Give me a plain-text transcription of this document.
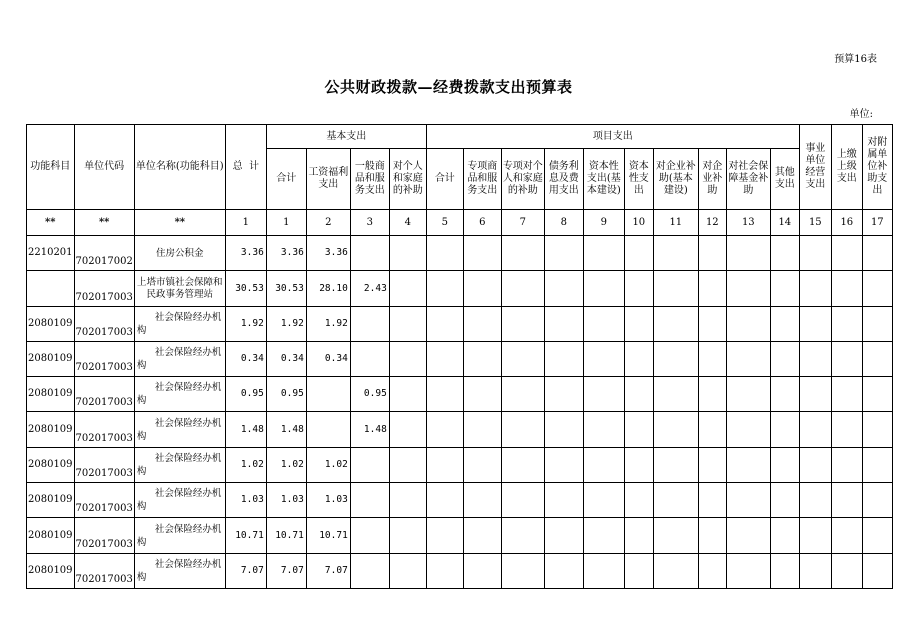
预算16表
公共财政拨款—经费拨款支出预算表
单位:
功能科目	单位代码	单位名称(功能科目)	总  计	基本支出				项目支出										事业单位经营支出	上缴上级支出	对附属单位补助支出
				合计	工资福利支出	一般商品和服务支出	对个人和家庭的补助	合计	专项商品和服务支出	专项对个人和家庭的补助	债务利息及费用支出	资本性支出(基本建设)	资本性支出	对企业补助(基本建设)	对企业补助	对社会保障基金补助	其他支出			
**	**	**	1	1	2	3	4	5	6	7	8	9	10	11	12	13	14	15	16	17
2210201	702017002	住房公积金	3.36	3.36	3.36															
	702017003	上塔市镇社会保障和民政事务管理站	30.53	30.53	28.10	2.43														
2080109	702017003	社会保险经办机构	1.92	1.92	1.92															
2080109	702017003	社会保险经办机构	0.34	0.34	0.34															
2080109	702017003	社会保险经办机构	0.95	0.95		0.95														
2080109	702017003	社会保险经办机构	1.48	1.48		1.48														
2080109	702017003	社会保险经办机构	1.02	1.02	1.02															
2080109	702017003	社会保险经办机构	1.03	1.03	1.03															
2080109	702017003	社会保险经办机构	10.71	10.71	10.71															
2080109	702017003	社会保险经办机构	7.07	7.07	7.07															
